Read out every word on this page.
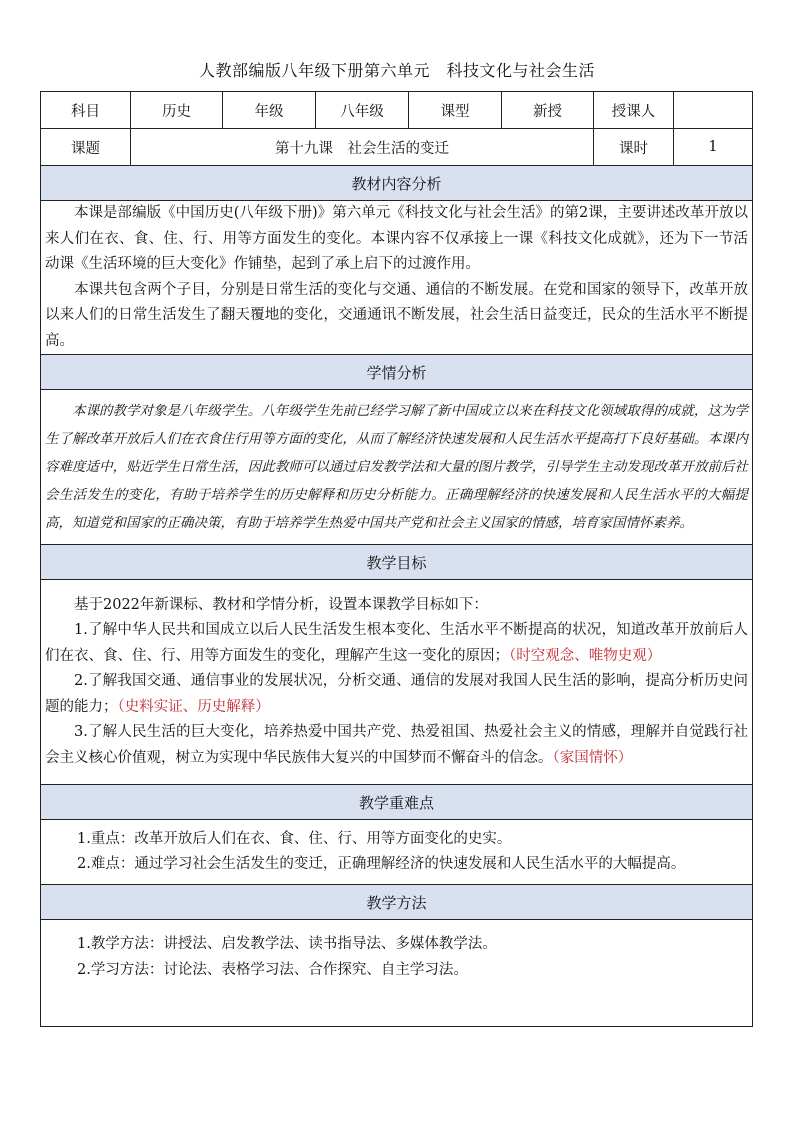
人教部编版八年级下册第六单元　科技文化与社会生活
科目	历史	年级	八年级	课型	新授	授课人	
课题	第十九课　社会生活的变迁					课时	1
教材内容分析							

本课是部编版《中国历史(八年级下册)》第六单元《科技文化与社会生活》的第2课，主要讲述改革开放以来人们在衣、食、住、行、用等方面发生的变化。本课内容不仅承接上一课《科技文化成就》，还为下一节活动课《生活环境的巨大变化》作铺垫，起到了承上启下的过渡作用。

本课共包含两个子目，分别是日常生活的变化与交通、通信的不断发展。在党和国家的领导下，改革开放以来人们的日常生活发生了翻天覆地的变化，交通通讯不断发展，社会生活日益变迁，民众的生活水平不断提高。							

学情分析							

本课的教学对象是八年级学生。八年级学生先前已经学习解了新中国成立以来在科技文化领域取得的成就，这为学生了解改革开放后人们在衣食住行用等方面的变化，从而了解经济快速发展和人民生活水平提高打下良好基础。本课内容难度适中，贴近学生日常生活，因此教师可以通过启发教学法和大量的图片教学，引导学生主动发现改革开放前后社会生活发生的变化，有助于培养学生的历史解释和历史分析能力。正确理解经济的快速发展和人民生活水平的大幅提高，知道党和国家的正确决策，有助于培养学生热爱中国共产党和社会主义国家的情感，培育家国情怀素养。							

教学目标							

基于2022年新课标、教材和学情分析，设置本课教学目标如下：

1.了解中华人民共和国成立以后人民生活发生根本变化、生活水平不断提高的状况，知道改革开放前后人们在衣、食、住、行、用等方面发生的变化，理解产生这一变化的原因；（时空观念、唯物史观）

2.了解我国交通、通信事业的发展状况，分析交通、通信的发展对我国人民生活的影响，提高分析历史问题的能力；（史料实证、历史解释）

3.了解人民生活的巨大变化，培养热爱中国共产党、热爱祖国、热爱社会主义的情感，理解并自觉践行社会主义核心价值观，树立为实现中华民族伟大复兴的中国梦而不懈奋斗的信念。（家国情怀）							

教学重难点							

1.重点：改革开放后人们在衣、食、住、行、用等方面变化的史实。

2.难点：通过学习社会生活发生的变迁，正确理解经济的快速发展和人民生活水平的大幅提高。							

教学方法							

1.教学方法：讲授法、启发教学法、读书指导法、多媒体教学法。

2.学习方法：讨论法、表格学习法、合作探究、自主学习法。							
